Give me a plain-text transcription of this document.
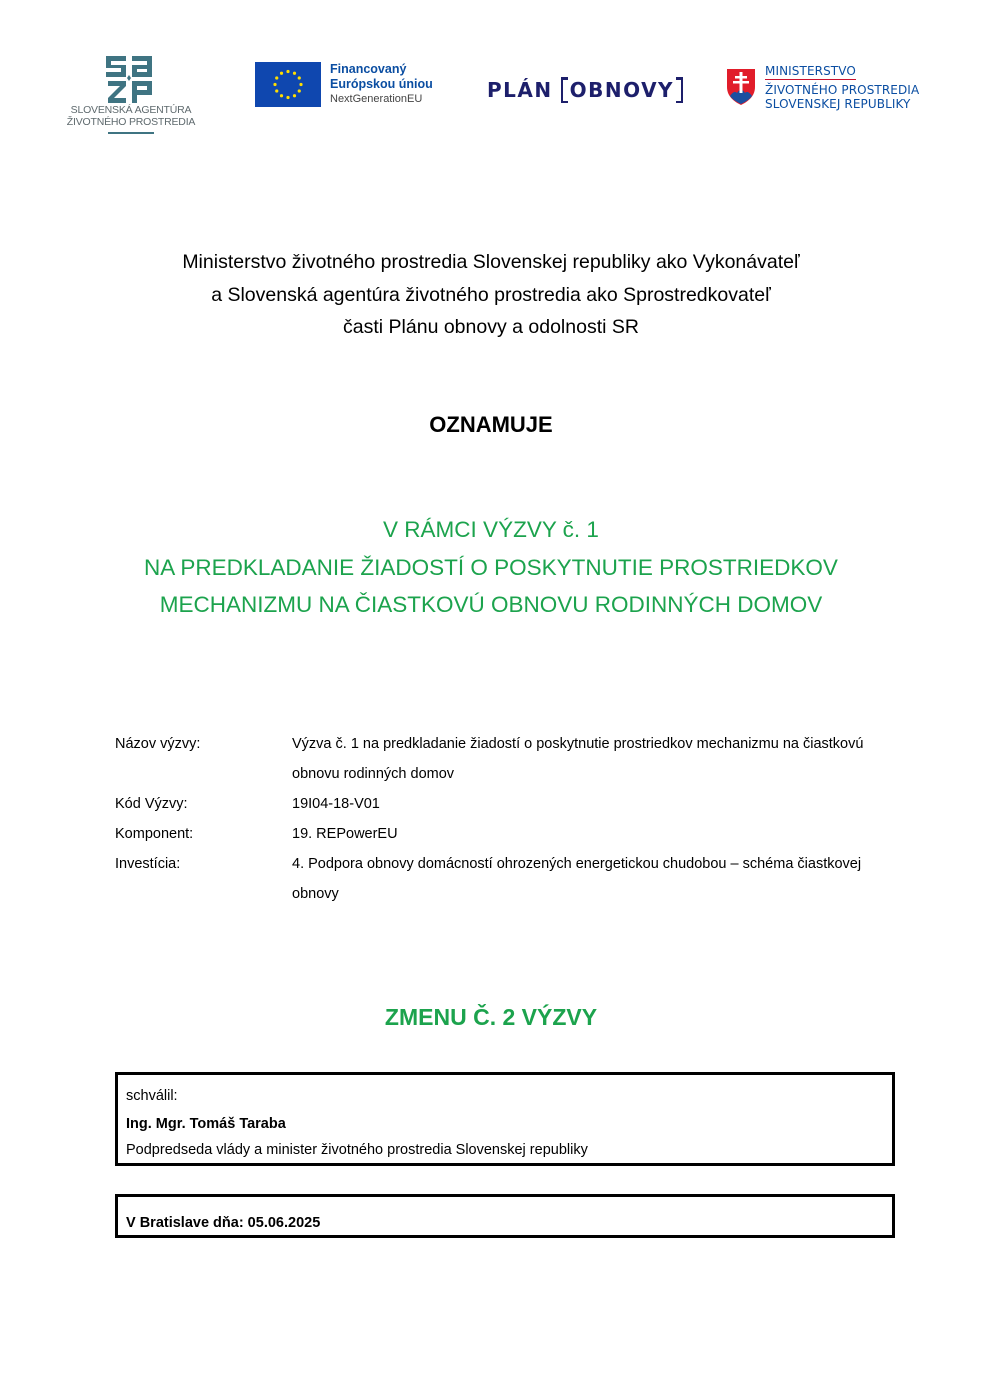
SLOVENSKÁ AGENTÚRA
ŽIVOTNÉHO PROSTREDIA
Financovaný
Európskou úniou
NextGenerationEU	PLÁN OBNOVY
MINISTERSTVO
ŽIVOTNÉHO PROSTREDIA
SLOVENSKEJ REPUBLIKY
Ministerstvo životného prostredia Slovenskej republiky ako Vykonávateľ
a Slovenská agentúra životného prostredia ako Sprostredkovateľ
časti Plánu obnovy a odolnosti SR
OZNAMUJE
V RÁMCI VÝZVY č. 1
NA PREDKLADANIE ŽIADOSTÍ O POSKYTNUTIE PROSTRIEDKOV
MECHANIZMU NA ČIASTKOVÚ OBNOVU RODINNÝCH DOMOV
Názov výzvy:	Výzva č. 1 na predkladanie žiadostí o poskytnutie prostriedkov mechanizmu na čiastkovú
obnovu rodinných domov
Kód Výzvy:	19I04-18-V01
Komponent:	19. REPowerEU
Investícia:	4. Podpora obnovy domácností ohrozených energetickou chudobou – schéma čiastkovej
obnovy
ZMENU Č. 2 VÝZVY
schválil:
Ing. Mgr. Tomáš Taraba
Podpredseda vlády a minister životného prostredia Slovenskej republiky
V Bratislave dňa: 05.06.2025
